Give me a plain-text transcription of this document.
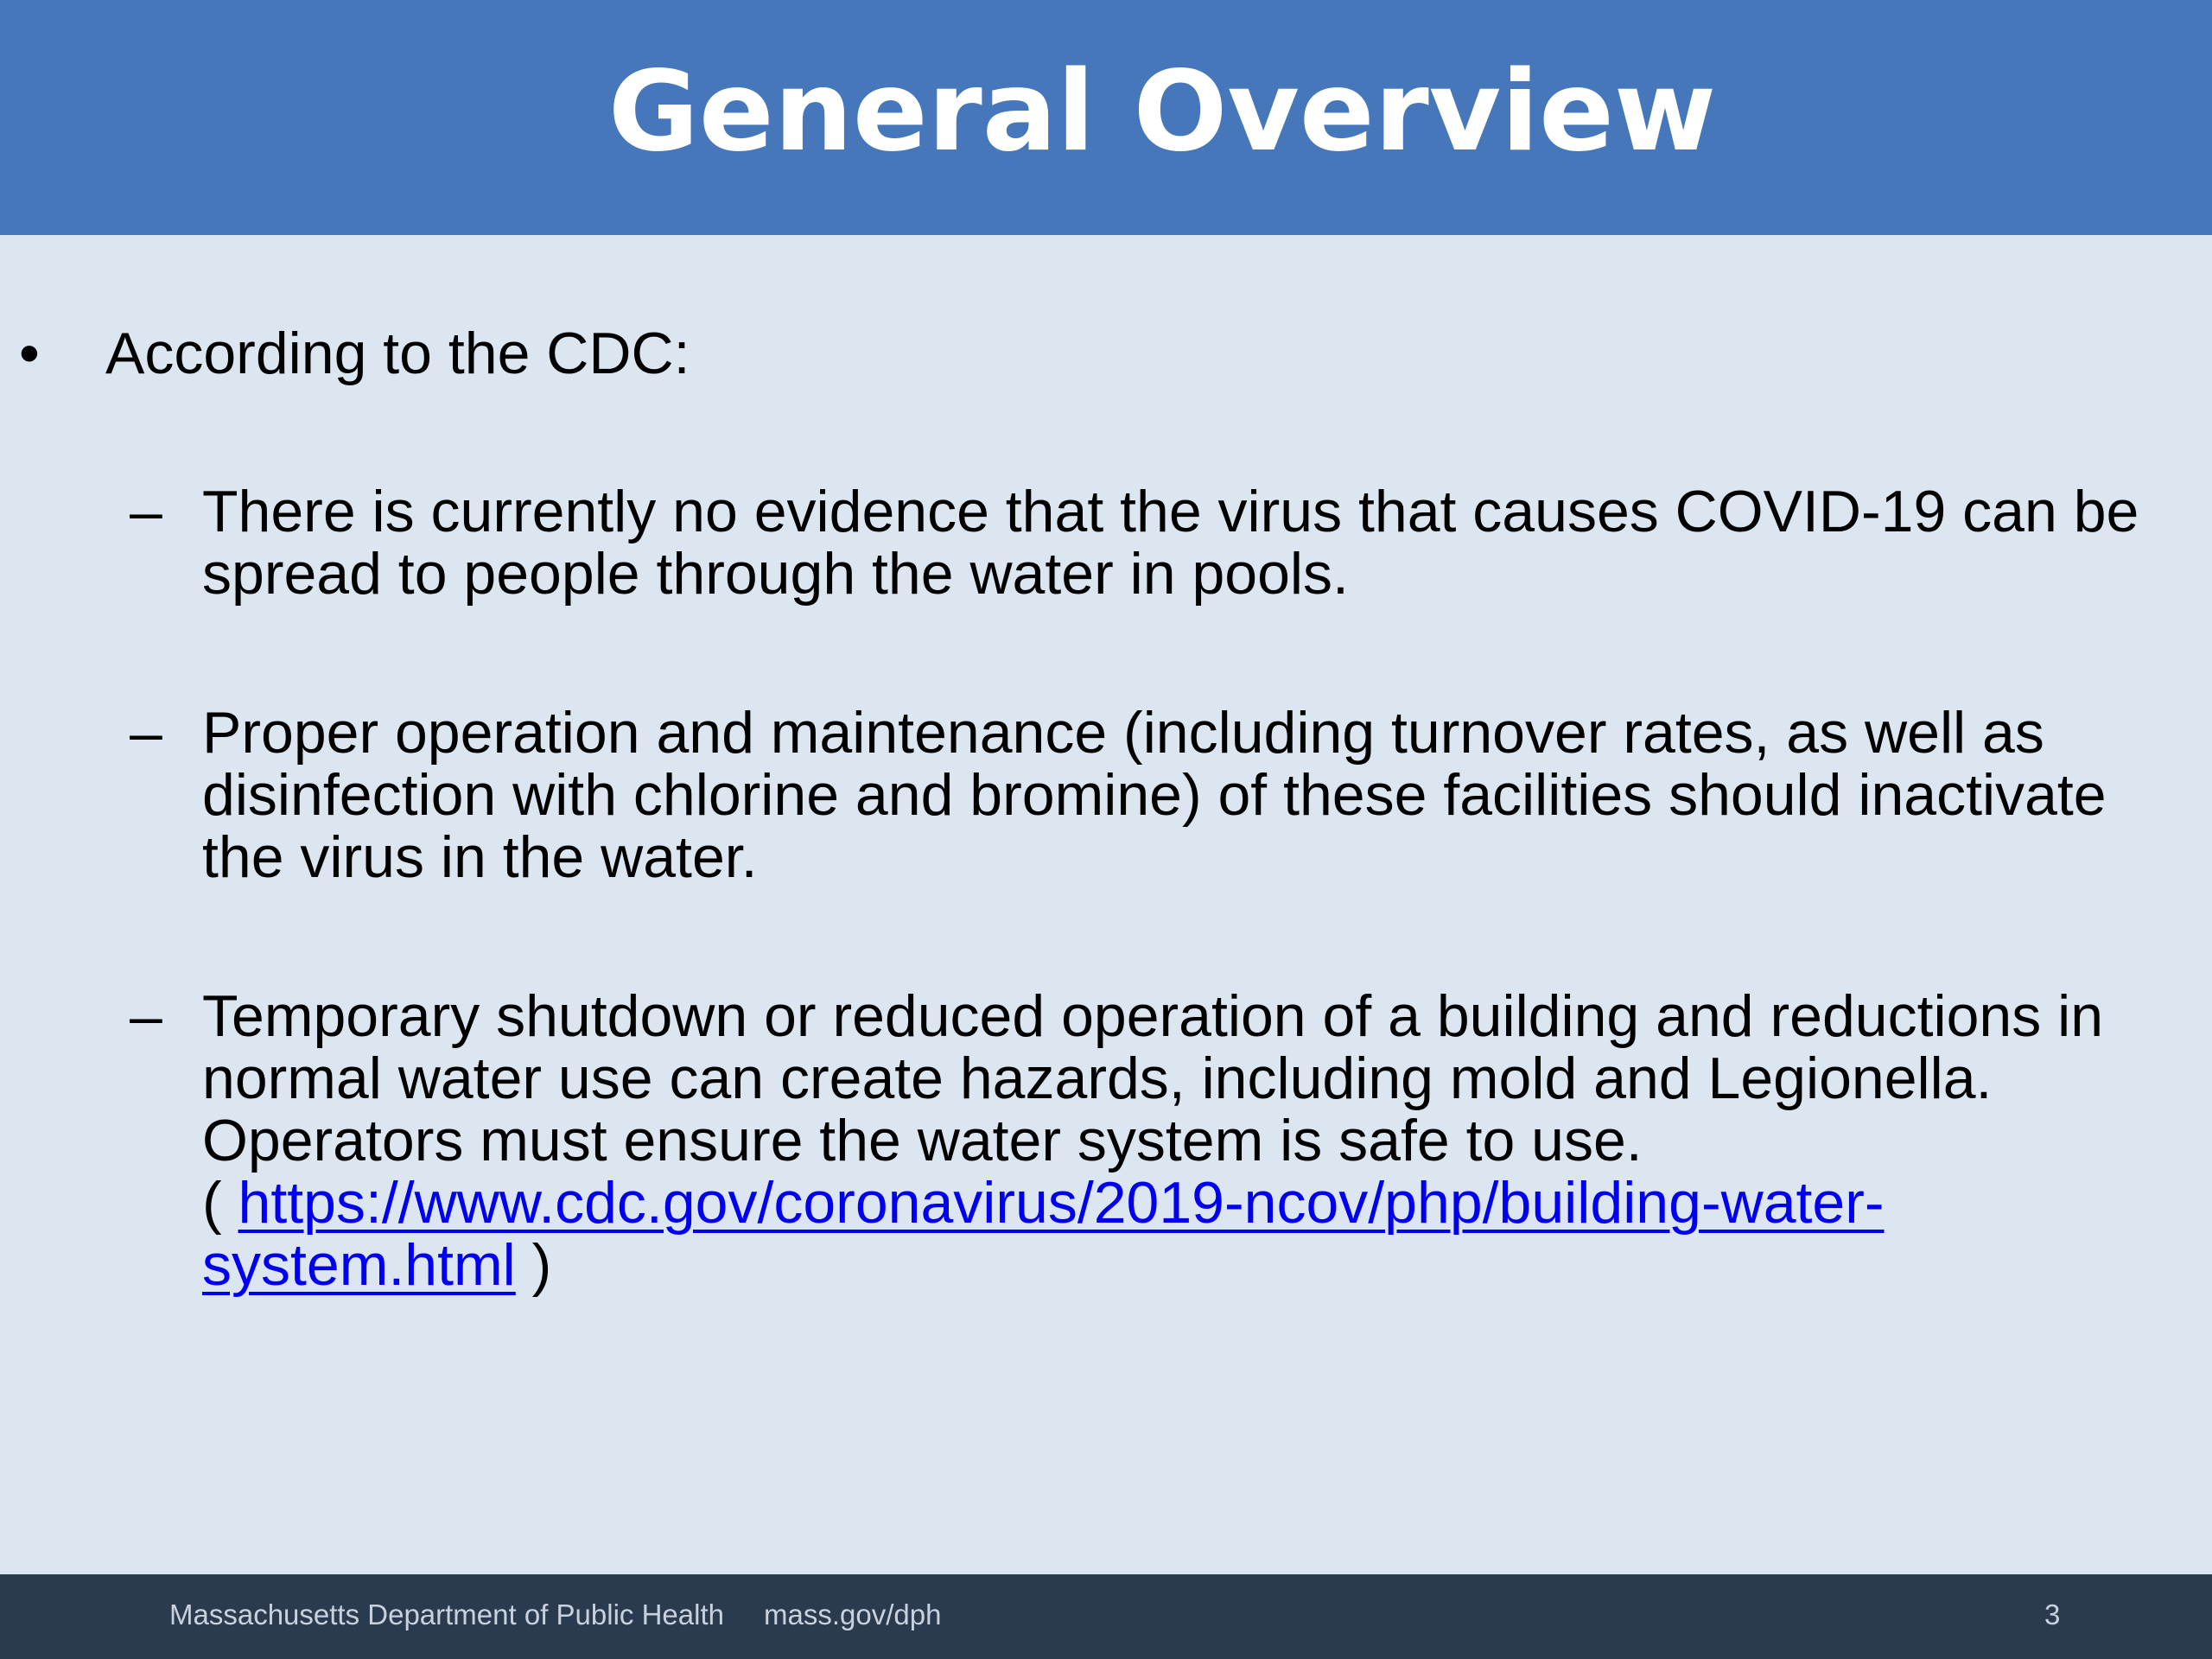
General Overview
•	According to the CDC:
– There is currently no evidence that the virus that causes COVID-19 can be
spread to people through the water in pools.
– Proper operation and maintenance (including turnover rates, as well as
disinfection with chlorine and bromine) of these facilities should inactivate
the virus in the water.
– Temporary shutdown or reduced operation of a building and reductions in
normal water use can create hazards, including mold and Legionella.
Operators must ensure the water system is safe to use.
( https://www.cdc.gov/coronavirus/2019-ncov/php/building-water-
system.html )
Massachusetts Department of Public Health mass.gov/dph	3
